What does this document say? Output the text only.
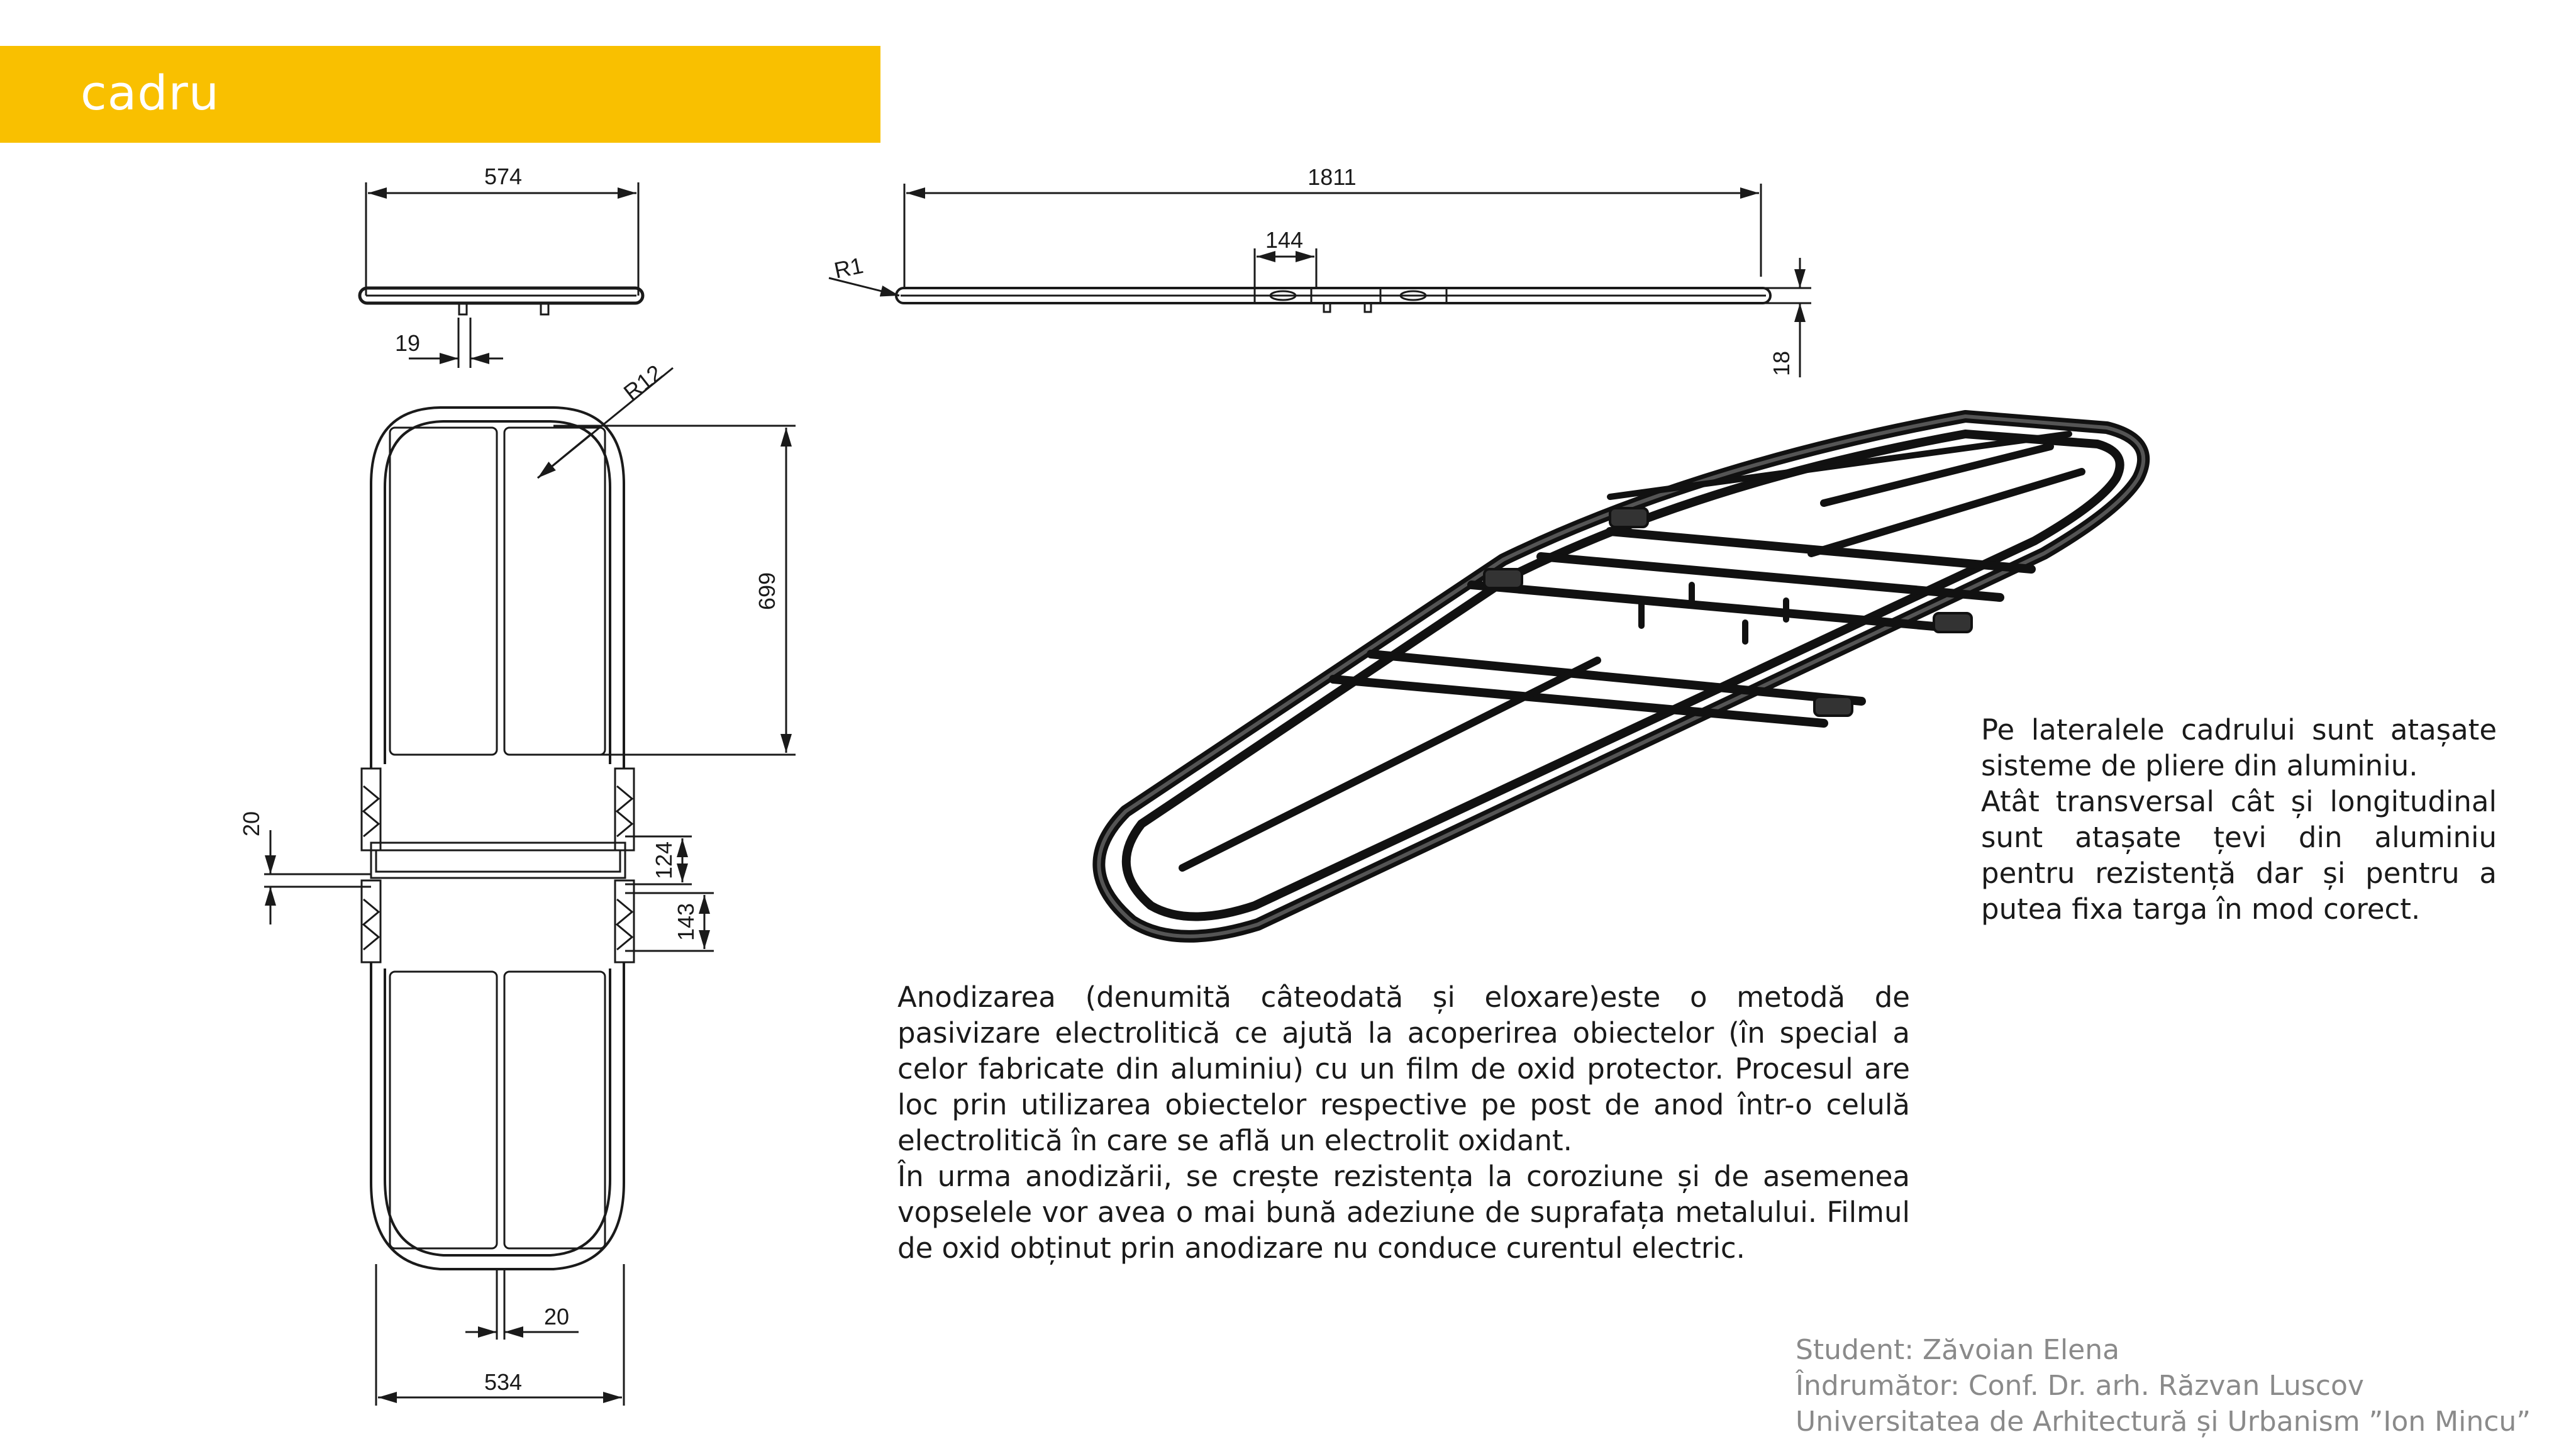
cadru
574
19
R12
699
20
124
143
20
534
1811
144
R1
18
Pe lateralele cadrului sunt atașate sisteme de pliere din aluminiu.
Atât transversal cât și longitudinal sunt atașate țevi din aluminiu pentru rezistență dar și pentru a putea fixa targa în mod corect.
Anodizarea (denumită câteodată și eloxare)este o metodă de pasivizare electrolitică ce ajută la acoperirea obiectelor (în special a celor fabricate din aluminiu) cu un film de oxid protector. Procesul are loc prin utilizarea obiectelor respective pe post de anod într-o celulă electrolitică în care se află un electrolit oxidant.
În urma anodizării, se crește rezistența la coroziune și de asemenea vopselele vor avea o mai bună adeziune de suprafața metalului. Filmul de oxid obținut prin anodizare nu conduce curentul electric.
Student: Zăvoian Elena
Îndrumător: Conf. Dr. arh. Răzvan Luscov
Universitatea de Arhitectură și Urbanism ”Ion Mincu”
